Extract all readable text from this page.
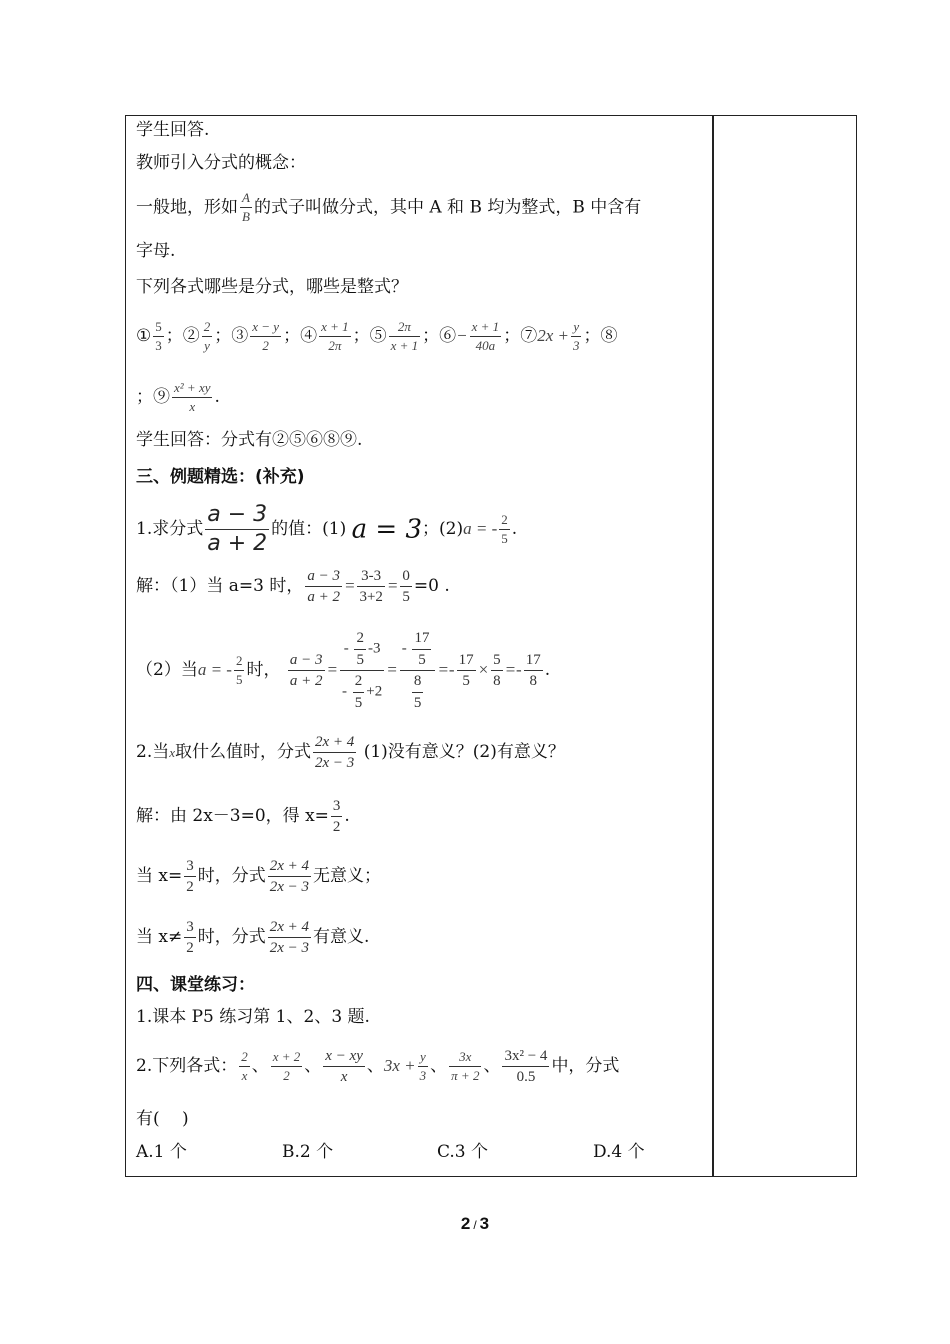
学生回答.
教师引入分式的概念：
一般地，形如 $\frac{A}{B}$ 的式子叫做分式，其中 A 和 B 均为整式，B 中含有
字母.
下列各式哪些是分式，哪些是整式？
① $\frac{5}{3}$ ；② $\frac{2}{y}$ ；③ $\frac{x - y}{2}$ ；④ $\frac{x + 1}{2\pi}$ ；⑤ $\frac{2\pi}{x + 1}$ ；⑥− $\frac{x + 1}{40a}$ ；⑦2x + $\frac{y}{3}$ ；⑧
；⑨ $\frac{\text{x² + xy}}{x}$ .
学生回答：分式有②⑤⑥⑧⑨.
三、例题精选：(补充)
1.求分式 $\frac{a - 3}{a + 2}$ 的值：(1) a = 3；(2)a = - $\frac{2}{5}$ .
解：（1）当 a=3 时， $\frac{a - 3}{a + 2} = \frac{3-3}{3+2} = \frac{0}{5} =0$ .
（2）当a = - $\frac{2}{5}$ 时， $\frac{a - 3}{a + 2} = \frac{- \frac{2}{5} -3}{- \frac{2}{5} +2} = \frac{- \frac{17}{5}}{\frac{8}{5}} =- \frac{17}{5} \times \frac{5}{8} =- \frac{17}{8}$ .
2.当x取什么值时，分式 $\frac{2x + 4}{2x - 3} (1)$没有意义？(2)有意义？
解：由 2x－3=0，得 $x= \frac{3}{2}$ .
当 $x= \frac{3}{2}$ 时，分式 $\frac{2x + 4}{2x - 3}$ 无意义；
当 $x\ne \frac{3}{2}$ 时，分式 $\frac{2x + 4}{2x - 3}$ 有意义.
四、课堂练习：
1.课本 P5 练习第 1、2、3 题.
2.下列各式： $\frac{2}{x}$ 、 $\frac{x + 2}{2}$ 、 $\frac{x - xy}{x}$ 、$3x + \frac{y}{3}$ 、 $\frac{3x}{\pi + 2}$ 、 $\frac{\text{3x² − 4}}{0.5}$ 中，分式
有(　 )
A.1 个	B.2 个	C.3 个	D.4 个
2 / 3
